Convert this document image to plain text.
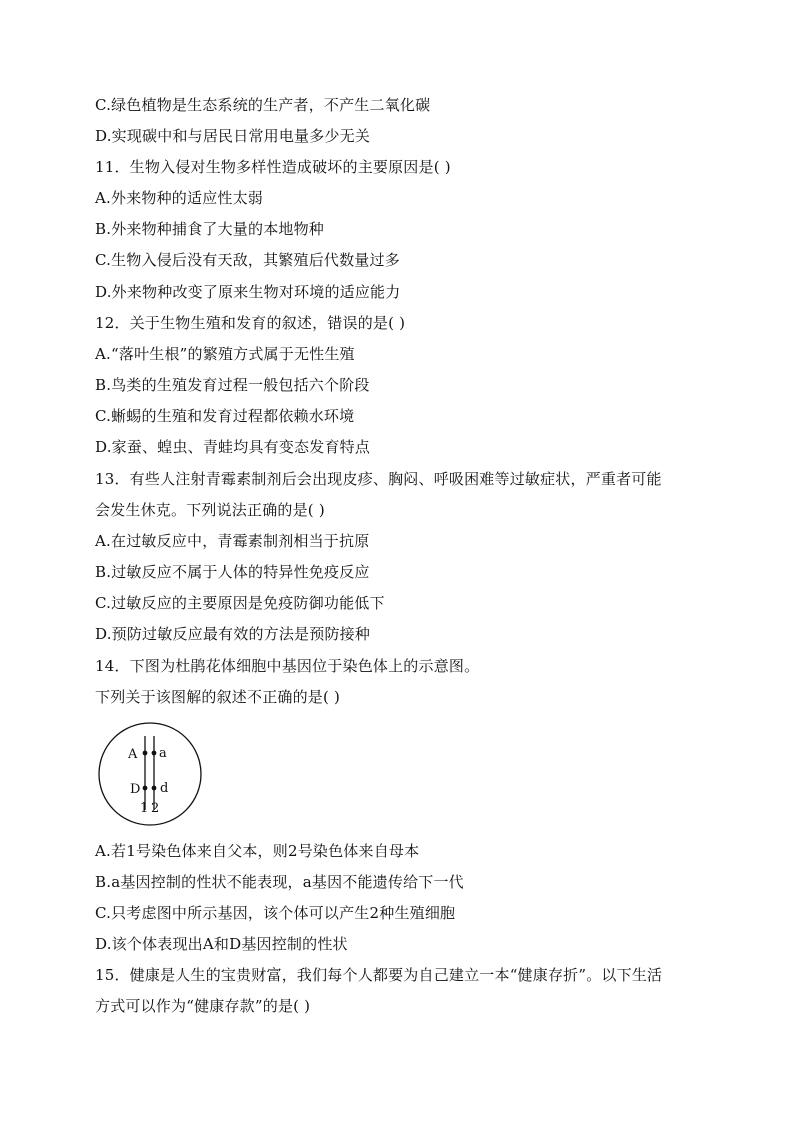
C.绿色植物是生态系统的生产者，不产生二氧化碳
D.实现碳中和与居民日常用电量多少无关
11．生物入侵对生物多样性造成破坏的主要原因是( )
A.外来物种的适应性太弱
B.外来物种捕食了大量的本地物种
C.生物入侵后没有天敌，其繁殖后代数量过多
D.外来物种改变了原来生物对环境的适应能力
12．关于生物生殖和发育的叙述，错误的是( )
A.“落叶生根”的繁殖方式属于无性生殖
B.鸟类的生殖发育过程一般包括六个阶段
C.蜥蜴的生殖和发育过程都依赖水环境
D.家蚕、蝗虫、青蛙均具有变态发育特点
13．有些人注射青霉素制剂后会出现皮疹、胸闷、呼吸困难等过敏症状，严重者可能
会发生休克。下列说法正确的是( )
A.在过敏反应中，青霉素制剂相当于抗原
B.过敏反应不属于人体的特异性免疫反应
C.过敏反应的主要原因是免疫防御功能低下
D.预防过敏反应最有效的方法是预防接种
14．下图为杜鹃花体细胞中基因位于染色体上的示意图。
下列关于该图解的叙述不正确的是( )
A a
D d
1 2
A.若1号染色体来自父本，则2号染色体来自母本
B.a基因控制的性状不能表现，a基因不能遗传给下一代
C.只考虑图中所示基因，该个体可以产生2种生殖细胞
D.该个体表现出A和D基因控制的性状
15．健康是人生的宝贵财富，我们每个人都要为自己建立一本“健康存折”。以下生活
方式可以作为“健康存款”的是( )
